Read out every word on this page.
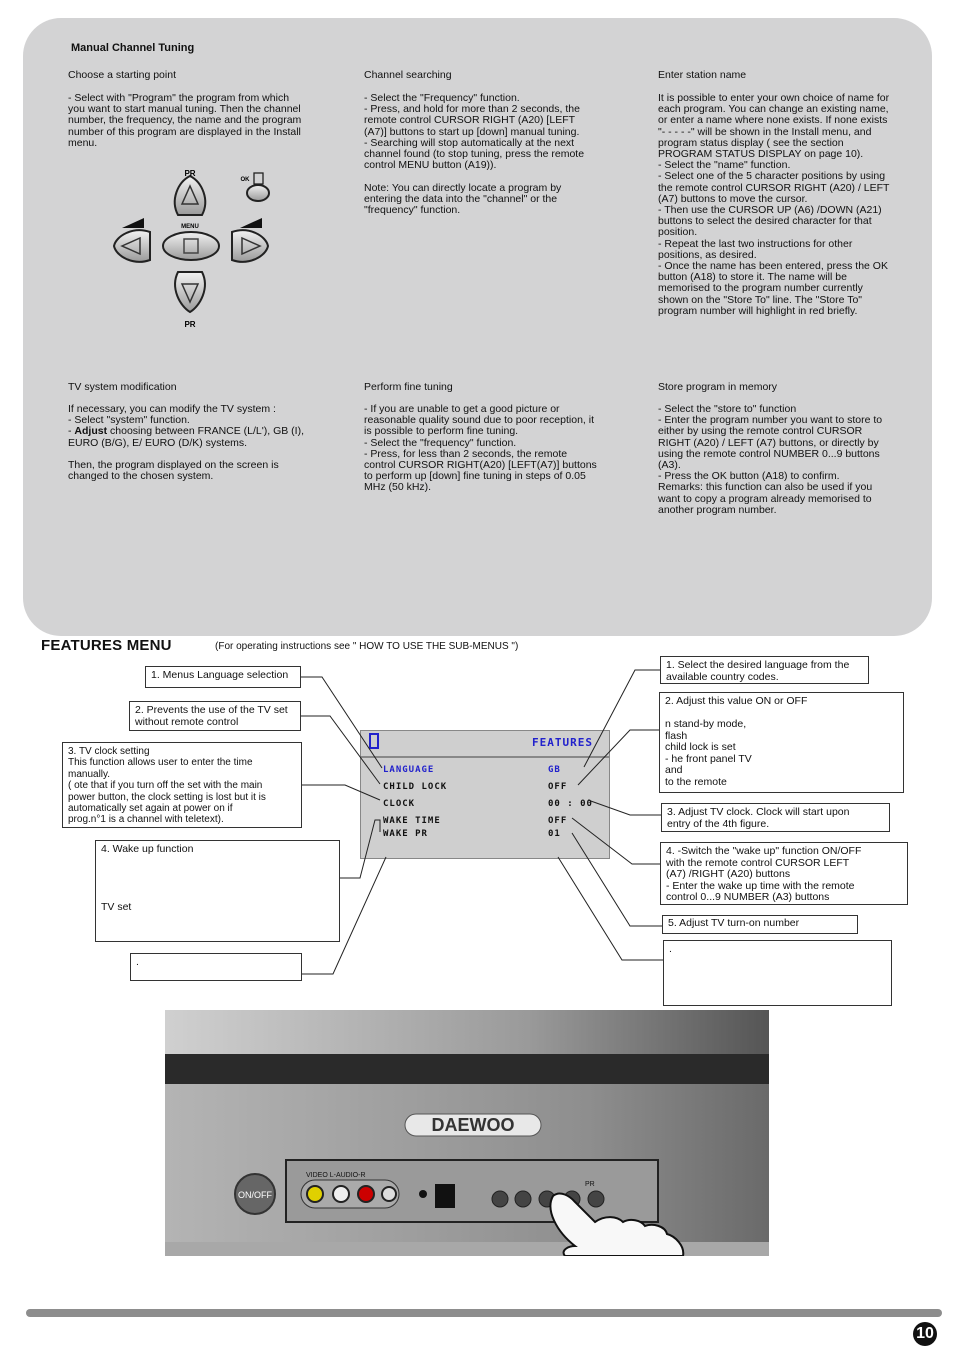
Manual Channel Tuning
Choose a starting point
- Select with "Program" the program from which
you want to start manual tuning. Then the channel
number, the frequency, the name and the program
number of this program are displayed in the Install
menu.
Channel searching
- Select the "Frequency" function.
- Press, and hold for more than 2 seconds, the
remote control CURSOR RIGHT (A20) [LEFT
(A7)] buttons to start up [down] manual tuning.
- Searching will stop automatically at the next
channel found (to stop tuning, press the remote
control MENU button (A19)).

Note: You can directly locate a program by
entering the data into the "channel" or the
"frequency" function.
Enter station name
It is possible to enter your own choice of name for
each program. You can change an existing name,
or enter a name where none exists. If none exists
"- - - - -" will be shown in the Install menu, and
program status display ( see the section
PROGRAM STATUS DISPLAY on page 10).
- Select the "name" function.
- Select one of the 5 character positions by using
the remote control CURSOR RIGHT (A20) / LEFT
(A7) buttons to move the cursor.
- Then use the CURSOR UP (A6) /DOWN (A21)
buttons to select the desired character for that
position.
- Repeat the last two instructions for other
positions, as desired.
- Once the name has been entered, press the OK
button (A18) to store it. The name will be
memorised to the program number currently
shown on the "Store To" line. The "Store To"
program number will highlight in red briefly.
TV system modification
If necessary, you can modify the TV system :
- Select "system" function.
- Adjust choosing between FRANCE (L/L'), GB (I),
EURO (B/G), E/ EURO (D/K) systems.

Then, the program displayed on the screen is
changed to the chosen system.
Perform fine tuning
- If you are unable to get a good picture or
reasonable quality sound due to poor reception, it
is possible to perform fine tuning.
- Select the "frequency" function.
- Press, for less than 2 seconds, the remote
control CURSOR RIGHT(A20) [LEFT(A7)] buttons
to perform up [down] fine tuning in steps of 0.05
MHz (50 kHz).
Store program in memory
- Select the "store to" function
- Enter the program number you want to store to
either by using the remote control CURSOR
RIGHT (A20) / LEFT (A7) buttons, or directly by
using the remote control NUMBER 0...9 buttons
(A3).
- Press the OK button (A18) to confirm.
Remarks: this function can also be used if you
want to copy a program already memorised to
another program number.
PR
MENU
PR
OK
FEATURES MENU	(For operating instructions see " HOW TO USE THE SUB-MENUS ")
1. Menus Language selection
2. Prevents the use of the TV set
without remote control
3. TV clock setting
This function allows user to enter the time
manually.
( ote that if you turn off the set with the main
power button, the clock setting is lost but it is
automatically set again at power on if
prog.n°1 is a channel with teletext).
4. Wake up function

TV set
.
1. Select the desired language from the
available country codes.
2. Adjust this value ON or OFF

n stand-by mode,
flash
child lock is set
- he front panel TV
and
to the remote
3. Adjust TV clock. Clock will start upon
entry of the 4th figure.
4. -Switch the "wake up" function ON/OFF
with the remote control CURSOR LEFT
(A7) /RIGHT (A20) buttons
- Enter the wake up time with the remote
control 0...9 NUMBER (A3) buttons
5. Adjust TV turn-on number
.
FEATURES
LANGUAGE	GB
CHILD LOCK	OFF
CLOCK	00 : 00
WAKE TIME	OFF
WAKE PR	01
DAEWOO
ON/OFF
VIDEO L-AUDIO-R
PR
10
